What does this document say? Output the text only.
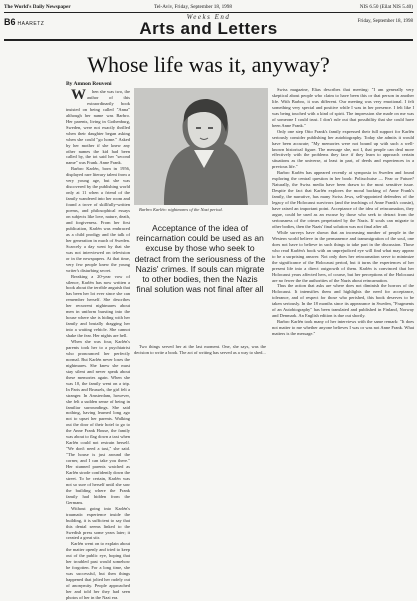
The World's Daily Newspaper	Tel-Aviv, Friday, September 18, 1998	NIS 6.50 (Eilat NIS 5.40)
B6 HAARETZ
Weeks End
Arts and Letters	Friday, September 18, 1998
Whose life was it, anyway?
By Amnon Reuveni

When she was two, the author of this extraordinarily book insisted on being called "Anna" although her name was Barbro. Her parents, living in Gothenburg, Sweden, were not exactly thrilled when their daughter began asking when she could "go home." Asked by her mother if she knew any other names the kid had been called by, the tot said her "second name" was Frank. Anne Frank.

Barbro Karlén, born in 1956, displayed rare literary talent from a very young age, but she was discovered by the publishing world only at 11 when a friend of the family wandered into her room and found a trove of skillfully-written poems, and philosophical essays on subjects like love, nature, death, and forgiveness. From her first publication, Karlén was embraced as a child prodigy and the talk of her generation in much of Sweden. Scarcely a day went by that she was not interviewed on television or in the newspapers. At that time, very few people knew the young writer's disturbing secret.

Breaking a 20-year vow of silence, Karlén has now written a book about the terrible anguish that has been her lot ever since she can remember herself. She describes her recurrent nightmares about men in uniform bursting into the house where she is hiding with her family and brutally dragging her into a waiting vehicle. She cannot shake the fear. Her nights are hell.

When she was four, Karlén's parents took her to a psychiatrist who pronounced her perfectly normal. But Karlén never loses the nightmares. She knew she must stay silent and never speak about these memories again. When she was 10, the family went on a trip. In Paris and Brussels, the girl felt a stranger. In Amsterdam, however, she felt a sudden sense of being in familiar surroundings. She said nothing, having learned long ago not to upset her parents. Walking out the door of their hotel to go to the Anne Frank House, the family was about to flag down a taxi when Karlén could not restrain herself. "We don't need a taxi," she said. "The house is just around the corner, and I can take you there." Her stunned parents watched as Karlén strode confidently down the street. To be certain, Karlén was not so sure of herself until she saw the building where the Frank family had hidden from the Germans.

Without going into Karlén's traumatic experience inside the building, it is sufficient to say that this denial seems linked to the Swedish press some years later; it created a great stir.

Karlén went on to explain about the matter openly and tried to keep out of the public eye, hoping that her troubled past would somehow be forgotten. For a long time, she was successful, but then things happened that jolted her rudely out of anonymity. People approached her and told her they had seen photos of her in the Nazi era.

Barbro Karlén: nightmares of the Nazi period.
Acceptance of the idea of reincarnation could be used as an excuse by those who seek to detract from the seriousness of the Nazis' crimes. If souls can migrate to other bodies, then the Nazis final solution was not final after all

Two things served her at the last moment. One, she says, was the decision to write a book. The act of writing has served as a way to shed...

Swiss magazine, Elias describes that meeting: "I am generally very skeptical about people who claim to have been this or that person in another life. With Barbro, it was different. Our meeting was very emotional. I felt something very special and positive while I was in her presence. I felt like I was being touched with a kind of spirit. The impression she made on me was of someone I could trust. I don't rule out that possibility that she could have been Anne Frank."

Only one step Otto Frank's family expressed their full support for Karlén seriously consider publishing her autobiography. Today she admits it would have been accurate; "My memories were not bound up with such a well-known historical figure. The message she, not I, that people can deal more effectively with the problems they face if they learn to approach certain situations as the universe, at least in part, of deeds and experiences in a previous life."

Barbro Karlén has appeared recently at symposia in Sweden and found exploring the central question in her book: Polisschutse — Fear or Future? Naturally, the Swiss media have been drawn to the most sensitive issue. Despite the fact that Karlén explores the moral backing of Anne Frank's family, the narrative, has many Swiss Jews, self-appointed defenders of the legacy of the Holocaust survivors (and the teachings of Anne Frank's cousin), have raised an important point. Acceptance of the idea of reincarnation, they argue, could be used as an excuse by those who seek to detract from the seriousness of the crimes perpetrated by the Nazis. If souls can migrate to other bodies, then the Nazis' final solution was not final after all.

While surveys have shown that an increasing number of people in the Western world believe in the permanence and transmigration of the soul, one does not have to believe in such things to take part in the discussion. Those who read Karlén's book with an unprejudiced eye will find what may appear to be a surprising answer. Not only does her reincarnation serve to minimize the significance of the Holocaust period, but it turns the experiences of her present life into a direct outgrowth of them. Karlén is convinced that her Holocaust years affected hers, of course, but her perceptions of the Holocaust are no fewer the the authorities of the Nazis about reincarnation.

Thus the action that asks are where does not diminish the horrors of the Holocaust. It intensifies them and highlights the need for acceptance, tolerance, and of respect for those who perished, this book deserves to be taken seriously. In the 18 months since its appearance in Sweden, "Fragments of an Autobiography" has been translated and published in Finland, Norway and Denmark. An English edition is due out shortly.

Barbro Karlén took many of her interviews with the same remark: "It does not matter to me whether anyone believes I was or was not Anne Frank. What matters is the message."
